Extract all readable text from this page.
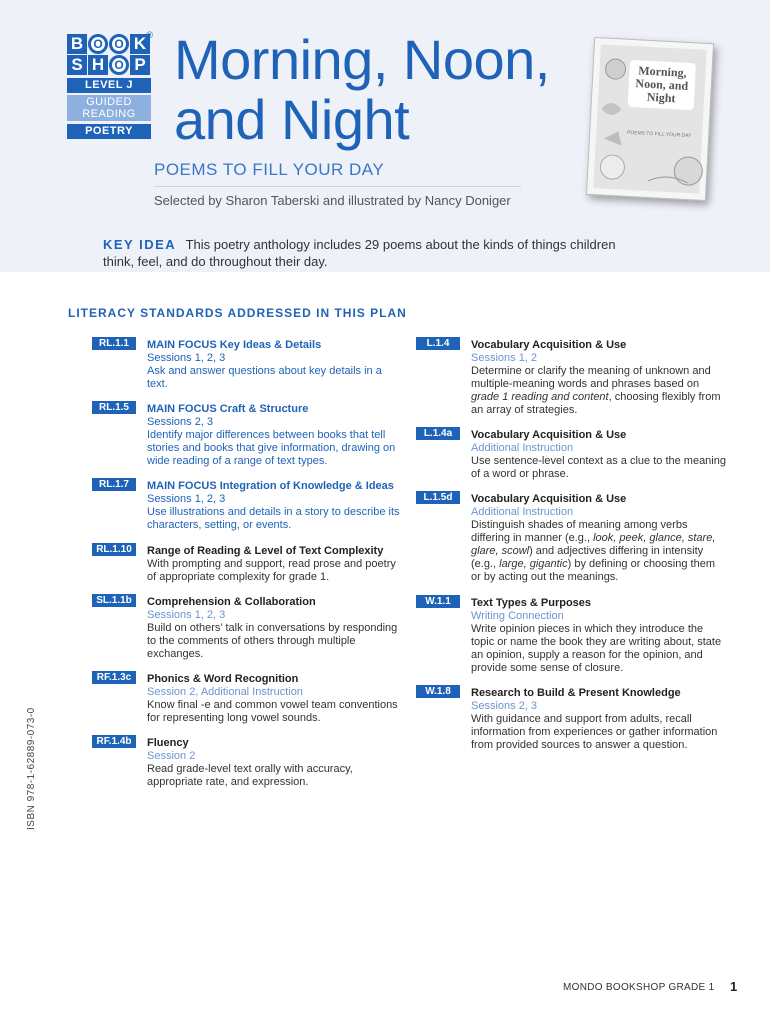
B O O K
S H O P
®
LEVEL J
GUIDED
READING
POETRY
Morning, Noon,
and Night
POEMS TO FILL YOUR DAY
Selected by Sharon Taberski and illustrated by Nancy Doniger
Morning, Noon, and Night
POEMS TO FILL YOUR DAY
KEY IDEA This poetry anthology includes 29 poems about the kinds of things children think, feel, and do throughout their day.
LITERACY STANDARDS ADDRESSED IN THIS PLAN
RL.1.1	MAIN FOCUS Key Ideas & Details
Sessions 1, 2, 3
Ask and answer questions about key details in a text.
RL.1.5	MAIN FOCUS Craft & Structure
Sessions 2, 3
Identify major differences between books that tell stories and books that give information, drawing on wide reading of a range of text types.
RL.1.7	MAIN FOCUS Integration of Knowledge & Ideas
Sessions 1, 2, 3
Use illustrations and details in a story to describe its characters, setting, or events.
RL.1.10	Range of Reading & Level of Text Complexity
With prompting and support, read prose and poetry of appropriate complexity for grade 1.
SL.1.1b	Comprehension & Collaboration
Sessions 1, 2, 3
Build on others’ talk in conversations by responding to the comments of others through multiple exchanges.
RF.1.3c	Phonics & Word Recognition
Session 2, Additional Instruction
Know final -e and common vowel team conventions for representing long vowel sounds.
RF.1.4b	Fluency
Session 2
Read grade-level text orally with accuracy, appropriate rate, and expression.
L.1.4	Vocabulary Acquisition & Use
Sessions 1, 2
Determine or clarify the meaning of unknown and multiple-meaning words and phrases based on grade 1 reading and content, choosing flexibly from an array of strategies.
L.1.4a	Vocabulary Acquisition & Use
Additional Instruction
Use sentence-level context as a clue to the meaning of a word or phrase.
L.1.5d	Vocabulary Acquisition & Use
Additional Instruction
Distinguish shades of meaning among verbs differing in manner (e.g., look, peek, glance, stare, glare, scowl) and adjectives differing in intensity (e.g., large, gigantic) by defining or choosing them or by acting out the meanings.
W.1.1	Text Types & Purposes
Writing Connection
Write opinion pieces in which they introduce the topic or name the book they are writing about, state an opinion, supply a reason for the opinion, and provide some sense of closure.
W.1.8	Research to Build & Present Knowledge
Sessions 2, 3
With guidance and support from adults, recall information from experiences or gather information from provided sources to answer a question.
ISBN 978-1-62889-073-0
MONDO BOOKSHOP GRADE 1 1
